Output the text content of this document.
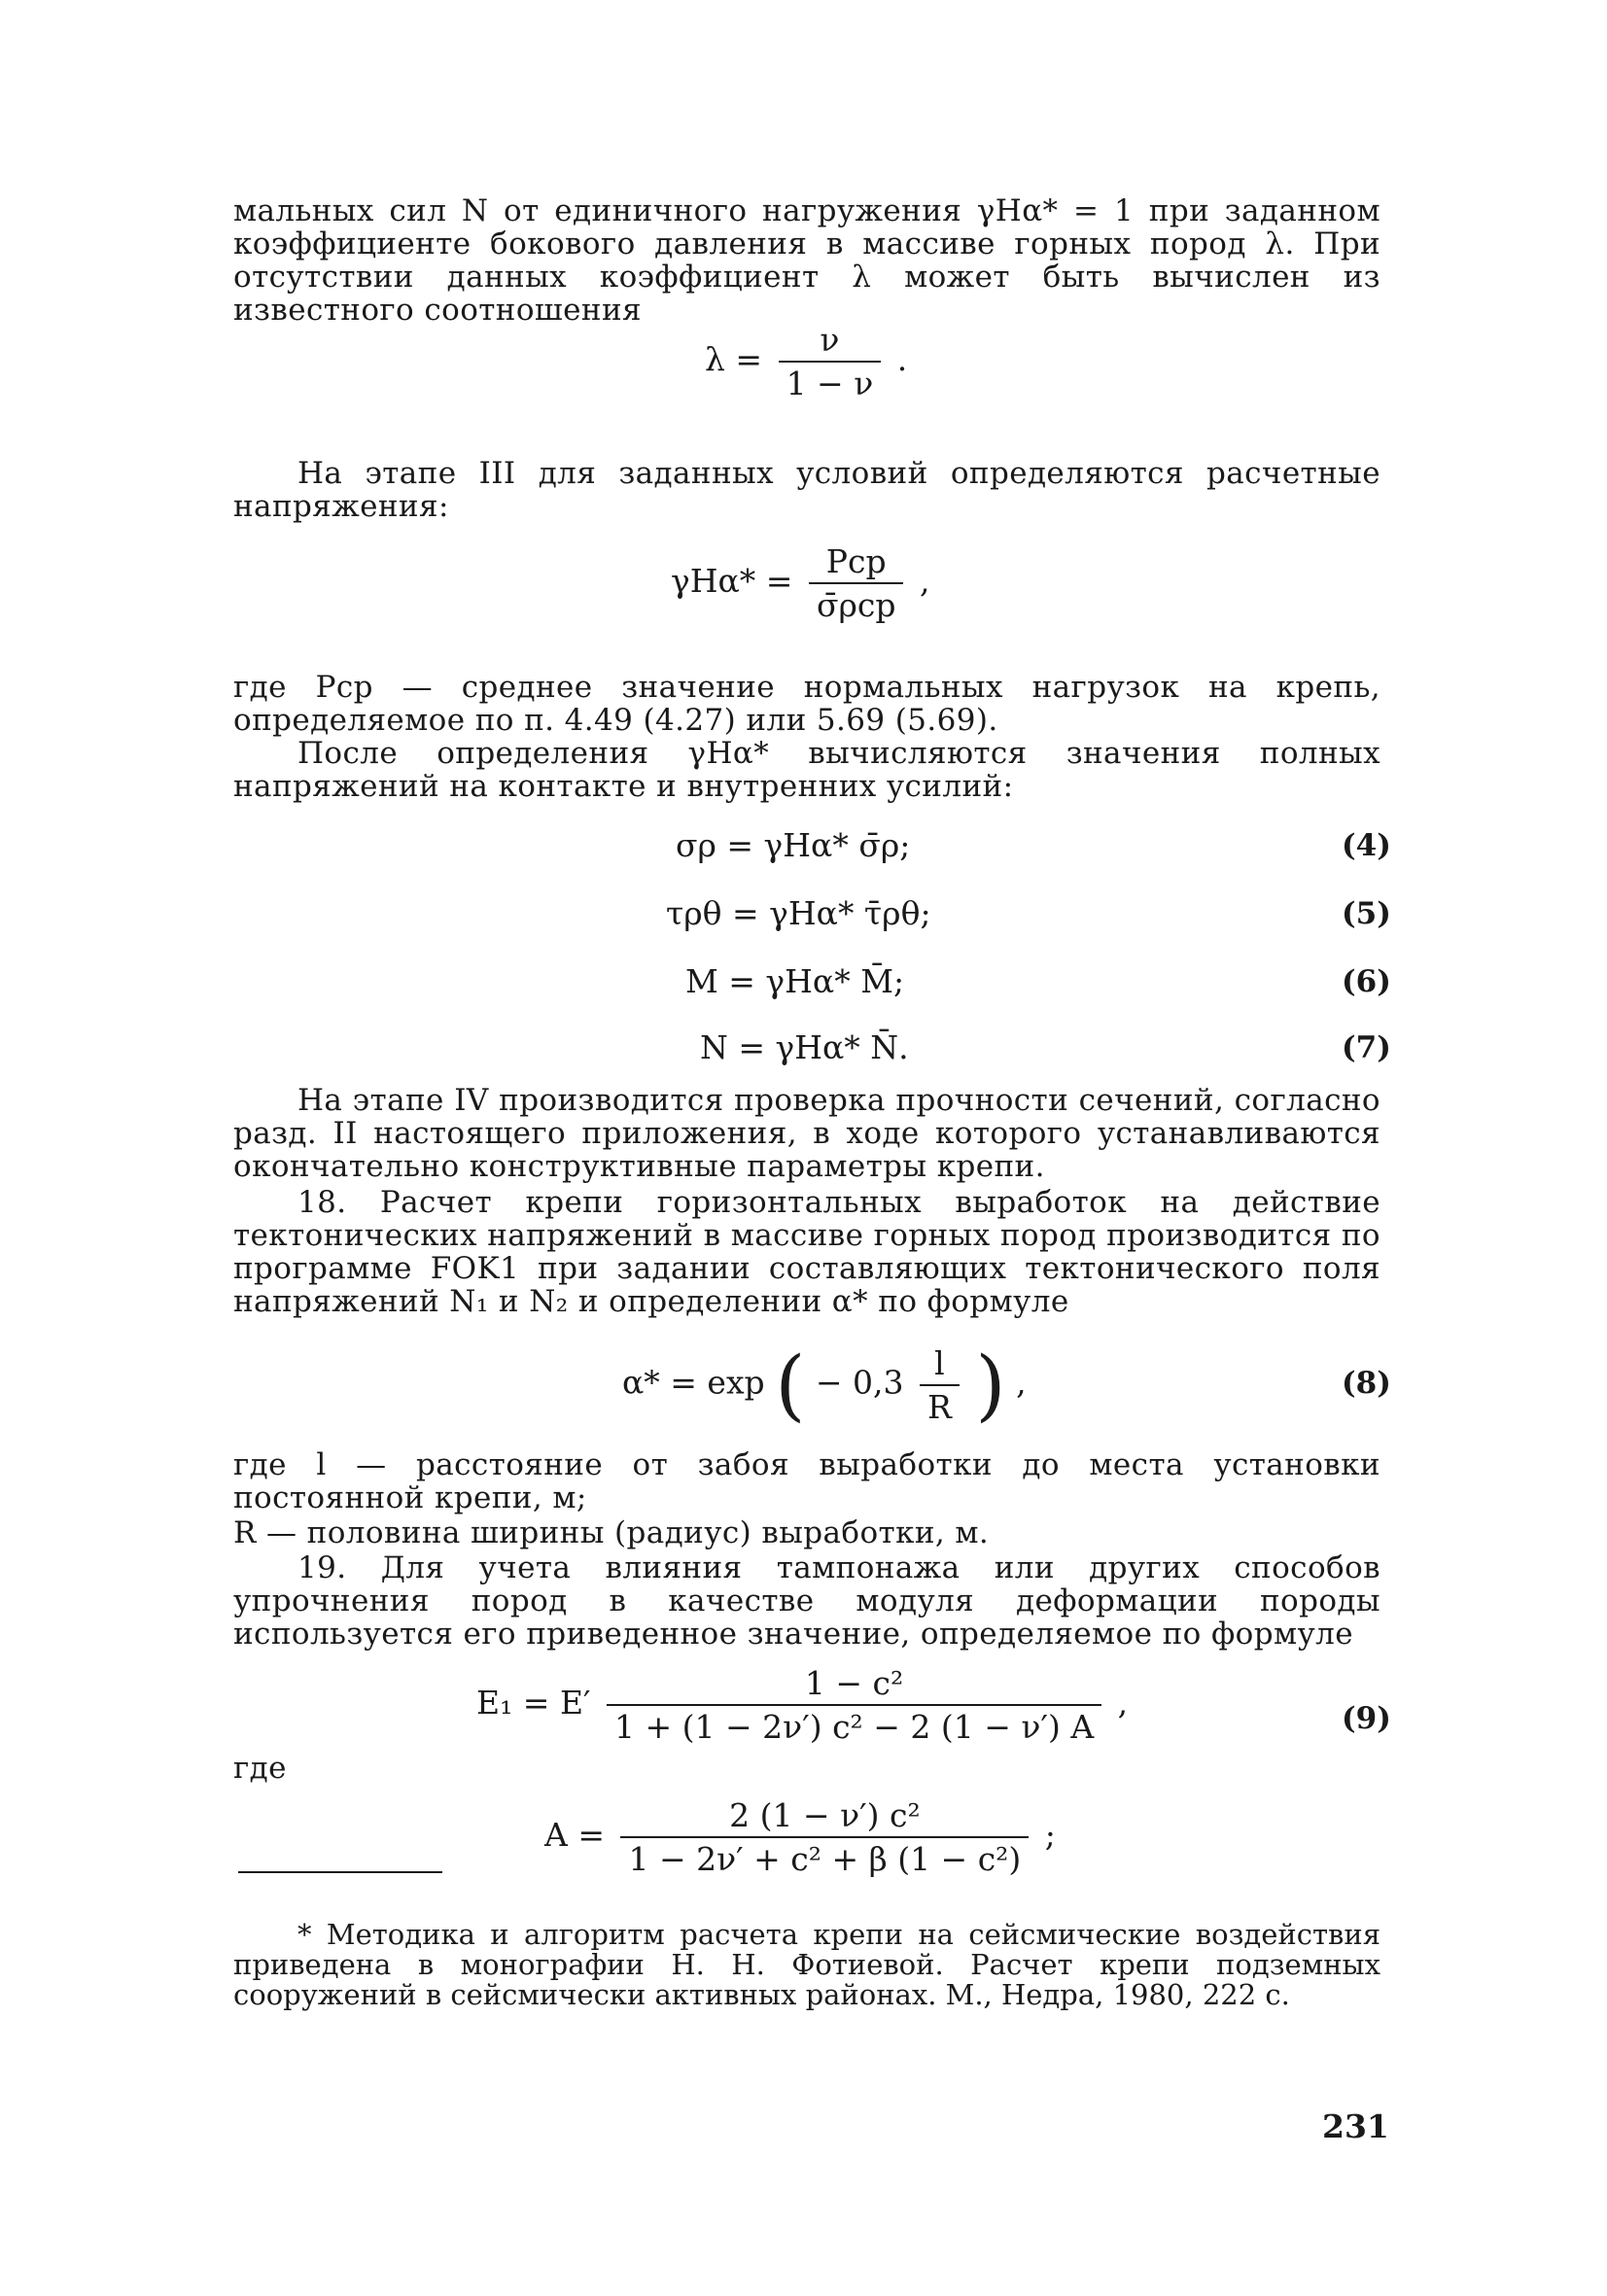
мальных сил N от единичного нагружения γHα* = 1 при заданном коэффициенте бокового давления в массиве горных пород λ. При отсутствии данных коэффициент λ может быть вычислен из известного соотношения
$\lambda = \frac{\nu}{1 - \nu}$ .
На этапе III для заданных условий определяются расчетные напряжения:
$\gamma H\alpha* = \frac{\text{Pср}}{\text{σ̄ρср}}$ ,
где Pср — среднее значение нормальных нагрузок на крепь, определяемое по п. 4.49 (4.27) или 5.69 (5.69).
После определения γHα* вычисляются значения полных напряжений на контакте и внутренних усилий:
σρ = γHα* σ̄ρ;	(4)
τρθ = γHα* τ̄ρθ;	(5)
M = γHα* M̄;	(6)
N = γHα* N̄.	(7)
На этапе IV производится проверка прочности сечений, согласно разд. II настоящего приложения, в ходе которого устанавливаются окончательно конструктивные параметры крепи.
18. Расчет крепи горизонтальных выработок на действие тектонических напряжений в массиве горных пород производится по программе FOK1 при задании составляющих тектонического поля напряжений N₁ и N₂ и определении α* по формуле
α* = exp ( − $0,3 \frac{l}{R}$ ) ,	(8)
где l — расстояние от забоя выработки до места установки постоянной крепи, м;
R — половина ширины (радиус) выработки, м.
19. Для учета влияния тампонажа или других способов упрочнения пород в качестве модуля деформации породы используется его приведенное значение, определяемое по формуле
$E_1 = E' \frac{\text{1 − c²}}{\text{1 + (1 − 2ν′) c² − 2 (1 − ν′) A}}$ ,	(9)
где
$A = \frac{\text{2 (1 − ν′) c²}}{\text{1 − 2ν′ + c² + β (1 − c²)}}$ ;
* Методика и алгоритм расчета крепи на сейсмические воздействия приведена в монографии Н. Н. Фотиевой. Расчет крепи подземных сооружений в сейсмически активных районах. М., Недра, 1980, 222 с.
231
